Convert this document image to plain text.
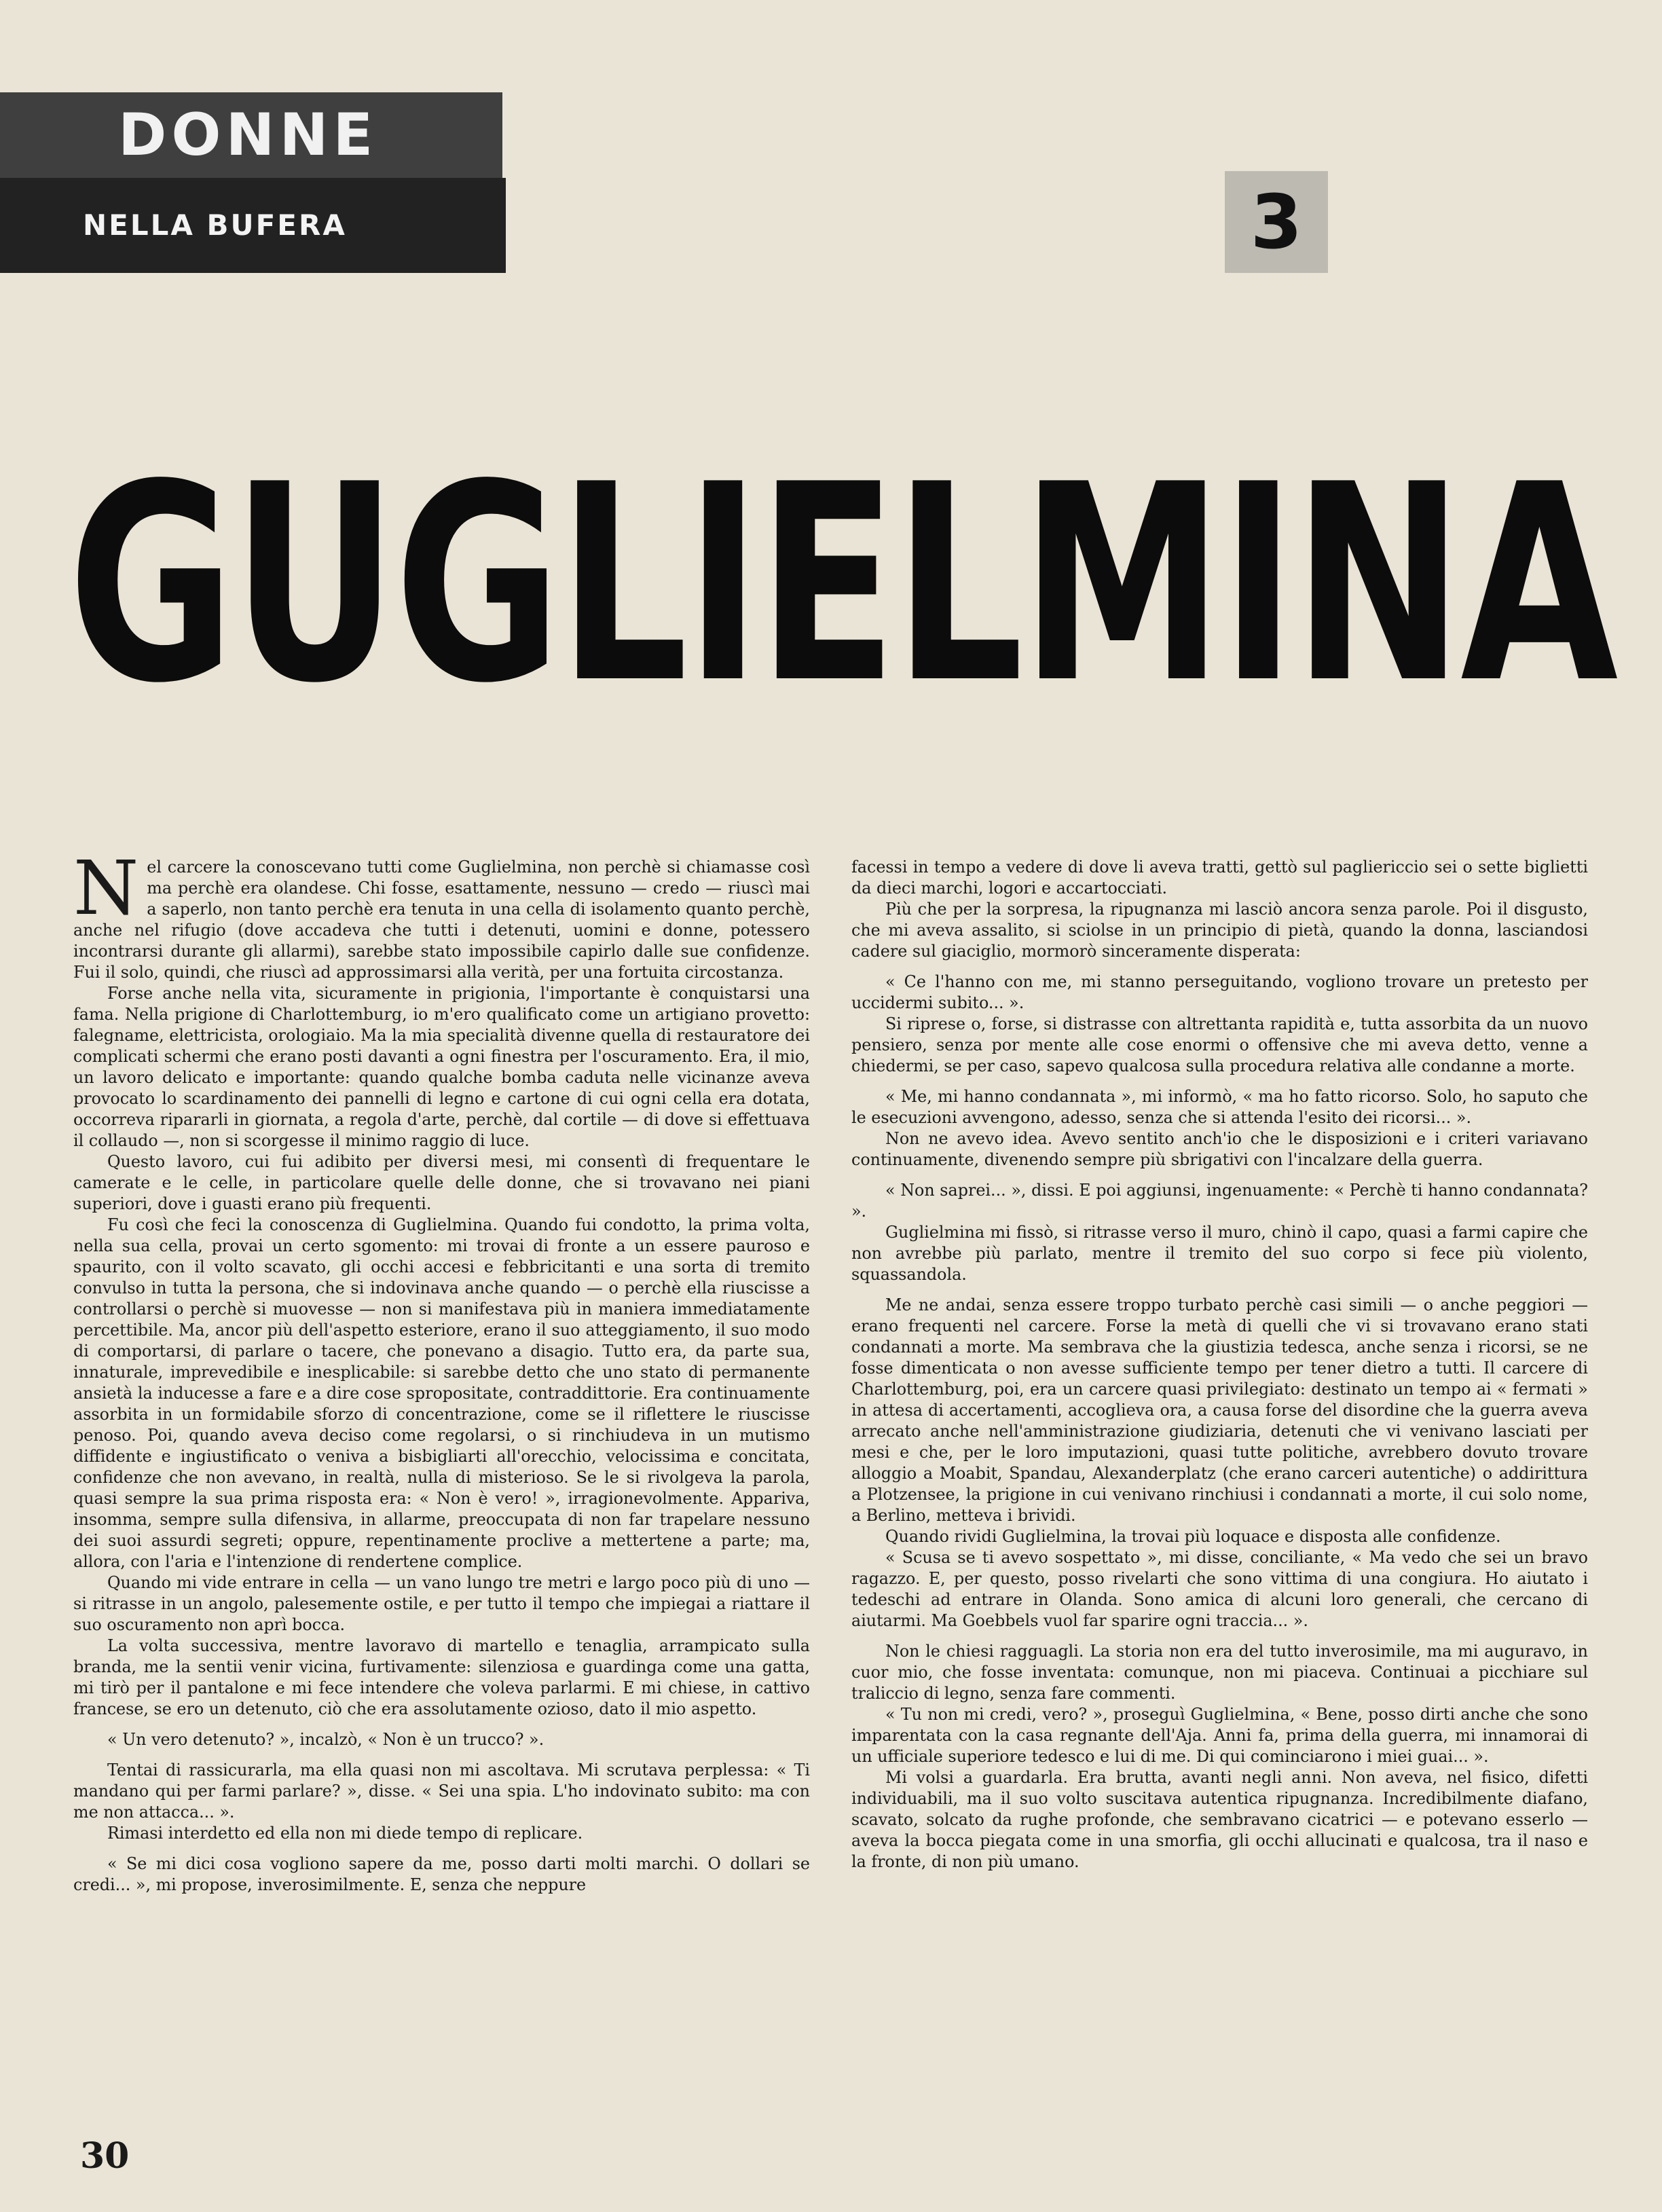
DONNE
NELLA BUFERA	3
GUGLIELMINA

Nel carcere la conoscevano tutti come Guglielmina, non perchè si chiamasse così ma perchè era olandese. Chi fosse, esattamente, nessuno — credo — riuscì mai a saperlo, non tanto perchè era tenuta in una cella di isolamento quanto perchè, anche nel rifugio (dove accadeva che tutti i detenuti, uomini e donne, potessero incontrarsi durante gli allarmi), sarebbe stato impossibile capirlo dalle sue confidenze. Fui il solo, quindi, che riuscì ad approssimarsi alla verità, per una fortuita circostanza.

Forse anche nella vita, sicuramente in prigionia, l'importante è conquistarsi una fama. Nella prigione di Charlottemburg, io m'ero qualificato come un artigiano provetto: falegname, elettricista, orologiaio. Ma la mia specialità divenne quella di restauratore dei complicati schermi che erano posti davanti a ogni finestra per l'oscuramento. Era, il mio, un lavoro delicato e importante: quando qualche bomba caduta nelle vicinanze aveva provocato lo scardinamento dei pannelli di legno e cartone di cui ogni cella era dotata, occorreva ripararli in giornata, a regola d'arte, perchè, dal cortile — di dove si effettuava il collaudo —, non si scorgesse il minimo raggio di luce.

Questo lavoro, cui fui adibito per diversi mesi, mi consentì di frequentare le camerate e le celle, in particolare quelle delle donne, che si trovavano nei piani superiori, dove i guasti erano più frequenti.

Fu così che feci la conoscenza di Guglielmina. Quando fui condotto, la prima volta, nella sua cella, provai un certo sgomento: mi trovai di fronte a un essere pauroso e spaurito, con il volto scavato, gli occhi accesi e febbricitanti e una sorta di tremito convulso in tutta la persona, che si indovinava anche quando — o perchè ella riuscisse a controllarsi o perchè si muovesse — non si manifestava più in maniera immediatamente percettibile. Ma, ancor più dell'aspetto esteriore, erano il suo atteggiamento, il suo modo di comportarsi, di parlare o tacere, che ponevano a disagio. Tutto era, da parte sua, innaturale, imprevedibile e inesplicabile: si sarebbe detto che uno stato di permanente ansietà la inducesse a fare e a dire cose spropositate, contraddittorie. Era continuamente assorbita in un formidabile sforzo di concentrazione, come se il riflettere le riuscisse penoso. Poi, quando aveva deciso come regolarsi, o si rinchiudeva in un mutismo diffidente e ingiustificato o veniva a bisbigliarti all'orecchio, velocissima e concitata, confidenze che non avevano, in realtà, nulla di misterioso. Se le si rivolgeva la parola, quasi sempre la sua prima risposta era: « Non è vero! », irragionevolmente. Appariva, insomma, sempre sulla difensiva, in allarme, preoccupata di non far trapelare nessuno dei suoi assurdi segreti; oppure, repentinamente proclive a mettertene a parte; ma, allora, con l'aria e l'intenzione di rendertene complice.

Quando mi vide entrare in cella — un vano lungo tre metri e largo poco più di uno — si ritrasse in un angolo, palesemente ostile, e per tutto il tempo che impiegai a riattare il suo oscuramento non aprì bocca.

La volta successiva, mentre lavoravo di martello e tenaglia, arrampicato sulla branda, me la sentii venir vicina, furtivamente: silenziosa e guardinga come una gatta, mi tirò per il pantalone e mi fece intendere che voleva parlarmi. E mi chiese, in cattivo francese, se ero un detenuto, ciò che era assolutamente ozioso, dato il mio aspetto.

« Un vero detenuto? », incalzò, « Non è un trucco? ».

Tentai di rassicurarla, ma ella quasi non mi ascoltava. Mi scrutava perplessa: « Ti mandano qui per farmi parlare? », disse. « Sei una spia. L'ho indovinato subito: ma con me non attacca... ».

Rimasi interdetto ed ella non mi diede tempo di replicare.

« Se mi dici cosa vogliono sapere da me, posso darti molti marchi. O dollari se credi... », mi propose, inverosimilmente. E, senza che neppure

facessi in tempo a vedere di dove li aveva tratti, gettò sul pagliericcio sei o sette biglietti da dieci marchi, logori e accartocciati.

Più che per la sorpresa, la ripugnanza mi lasciò ancora senza parole. Poi il disgusto, che mi aveva assalito, si sciolse in un principio di pietà, quando la donna, lasciandosi cadere sul giaciglio, mormorò sinceramente disperata:

« Ce l'hanno con me, mi stanno perseguitando, vogliono trovare un pretesto per uccidermi subito... ».

Si riprese o, forse, si distrasse con altrettanta rapidità e, tutta assorbita da un nuovo pensiero, senza por mente alle cose enormi o offensive che mi aveva detto, venne a chiedermi, se per caso, sapevo qualcosa sulla procedura relativa alle condanne a morte.

« Me, mi hanno condannata », mi informò, « ma ho fatto ricorso. Solo, ho saputo che le esecuzioni avvengono, adesso, senza che si attenda l'esito dei ricorsi... ».

Non ne avevo idea. Avevo sentito anch'io che le disposizioni e i criteri variavano continuamente, divenendo sempre più sbrigativi con l'incalzare della guerra.

« Non saprei... », dissi. E poi aggiunsi, ingenuamente: « Perchè ti hanno condannata? ».

Guglielmina mi fissò, si ritrasse verso il muro, chinò il capo, quasi a farmi capire che non avrebbe più parlato, mentre il tremito del suo corpo si fece più violento, squassandola.

Me ne andai, senza essere troppo turbato perchè casi simili — o anche peggiori — erano frequenti nel carcere. Forse la metà di quelli che vi si trovavano erano stati condannati a morte. Ma sembrava che la giustizia tedesca, anche senza i ricorsi, se ne fosse dimenticata o non avesse sufficiente tempo per tener dietro a tutti. Il carcere di Charlottemburg, poi, era un carcere quasi privilegiato: destinato un tempo ai « fermati » in attesa di accertamenti, accoglieva ora, a causa forse del disordine che la guerra aveva arrecato anche nell'amministrazione giudiziaria, detenuti che vi venivano lasciati per mesi e che, per le loro imputazioni, quasi tutte politiche, avrebbero dovuto trovare alloggio a Moabit, Spandau, Alexanderplatz (che erano carceri autentiche) o addirittura a Plotzensee, la prigione in cui venivano rinchiusi i condannati a morte, il cui solo nome, a Berlino, metteva i brividi.

Quando rividi Guglielmina, la trovai più loquace e disposta alle confidenze.

« Scusa se ti avevo sospettato », mi disse, conciliante, « Ma vedo che sei un bravo ragazzo. E, per questo, posso rivelarti che sono vittima di una congiura. Ho aiutato i tedeschi ad entrare in Olanda. Sono amica di alcuni loro generali, che cercano di aiutarmi. Ma Goebbels vuol far sparire ogni traccia... ».

Non le chiesi ragguagli. La storia non era del tutto inverosimile, ma mi auguravo, in cuor mio, che fosse inventata: comunque, non mi piaceva. Continuai a picchiare sul traliccio di legno, senza fare commenti.

« Tu non mi credi, vero? », proseguì Guglielmina, « Bene, posso dirti anche che sono imparentata con la casa regnante dell'Aja. Anni fa, prima della guerra, mi innamorai di un ufficiale superiore tedesco e lui di me. Di qui cominciarono i miei guai... ».

Mi volsi a guardarla. Era brutta, avanti negli anni. Non aveva, nel fisico, difetti individuabili, ma il suo volto suscitava autentica ripugnanza. Incredibilmente diafano, scavato, solcato da rughe profonde, che sembravano cicatrici — e potevano esserlo — aveva la bocca piegata come in una smorfia, gli occhi allucinati e qualcosa, tra il naso e la fronte, di non più umano.

30
